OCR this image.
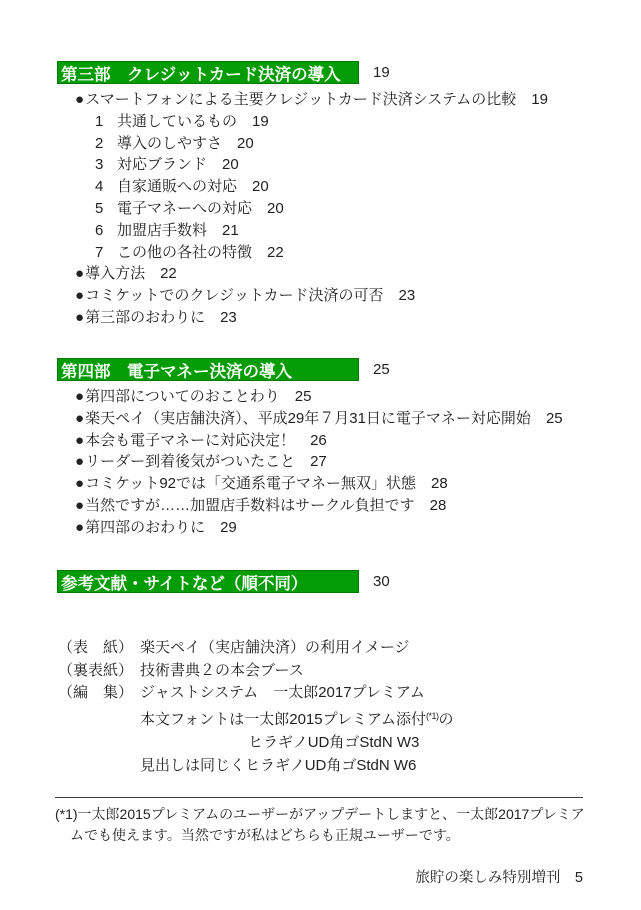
第三部　クレジットカード決済の導入 19
●スマートフォンによる主要クレジットカード決済システムの比較 19
1 共通しているもの 19
2 導入のしやすさ 20
3 対応ブランド 20
4 自家通販への対応 20
5 電子マネーへの対応 20
6 加盟店手数料 21
7 この他の各社の特徴 22
●導入方法 22
●コミケットでのクレジットカード決済の可否 23
●第三部のおわりに 23
第四部　電子マネー決済の導入	25
●第四部についてのおことわり 25
●楽天ペイ（実店舗決済）、平成29年７月31日に電子マネー対応開始 25
●本会も電子マネーに対応決定！ 26
●リーダー到着後気がついたこと 27
●コミケット92では「交通系電子マネー無双」状態 28
●当然ですが……加盟店手数料はサークル負担です 28
●第四部のおわりに 29
参考文献・サイトなど（順不同）	30
（表　紙） 楽天ペイ（実店舗決済）の利用イメージ
（裏表紙） 技術書典２の本会ブース
（編　集） ジャストシステム　一太郎2017プレミアム
本文フォントは一太郎2015プレミアム添付$^{(*1)}$の
ヒラギノUD角ゴStdN W3
見出しは同じくヒラギノUD角ゴStdN W6

(*1)一太郎2015プレミアムのユーザーがアップデートしますと、一太郎2017プレミア
ムでも使えます。当然ですが私はどちらも正規ユーザーです。

旅貯の楽しみ特別増刊　5
